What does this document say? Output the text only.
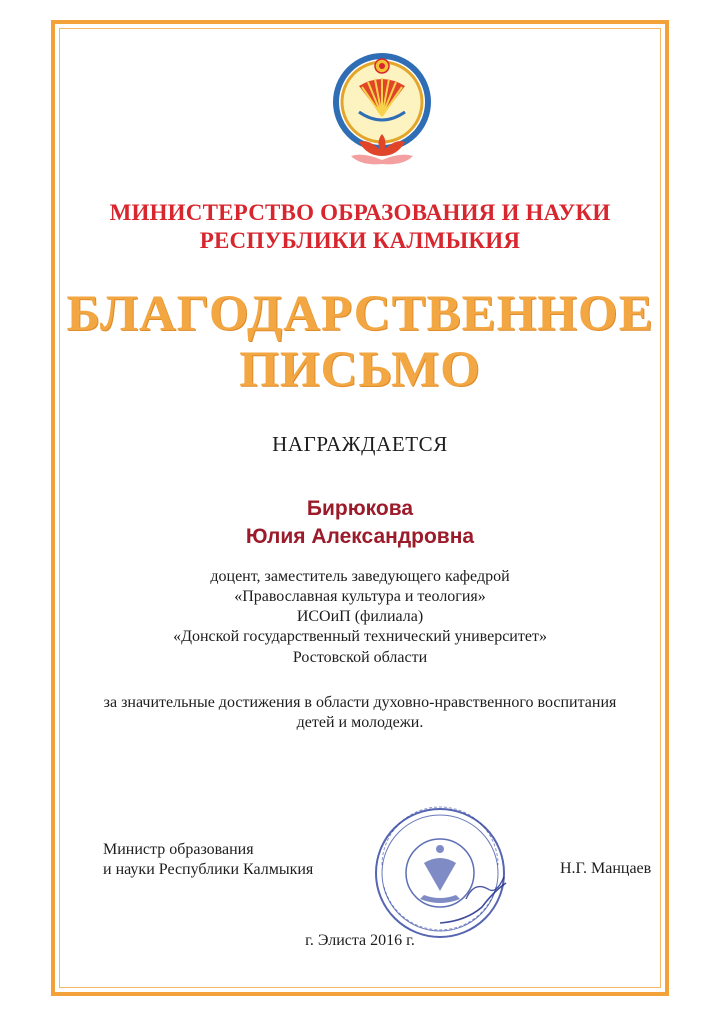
МИНИСТЕРСТВО ОБРАЗОВАНИЯ И НАУКИ
РЕСПУБЛИКИ КАЛМЫКИЯ
БЛАГОДАРСТВЕННОЕ
ПИСЬМО
НАГРАЖДАЕТСЯ
Бирюкова
Юлия Александровна
доцент, заместитель заведующего кафедрой
«Православная культура и теология»
ИСОиП (филиала)
«Донской государственный технический университет»
Ростовской области
за значительные достижения в области духовно-нравственного воспитания
детей и молодежи.
Министр образования
и науки Республики Калмыкия	Н.Г. Манцаев
г. Элиста 2016 г.
